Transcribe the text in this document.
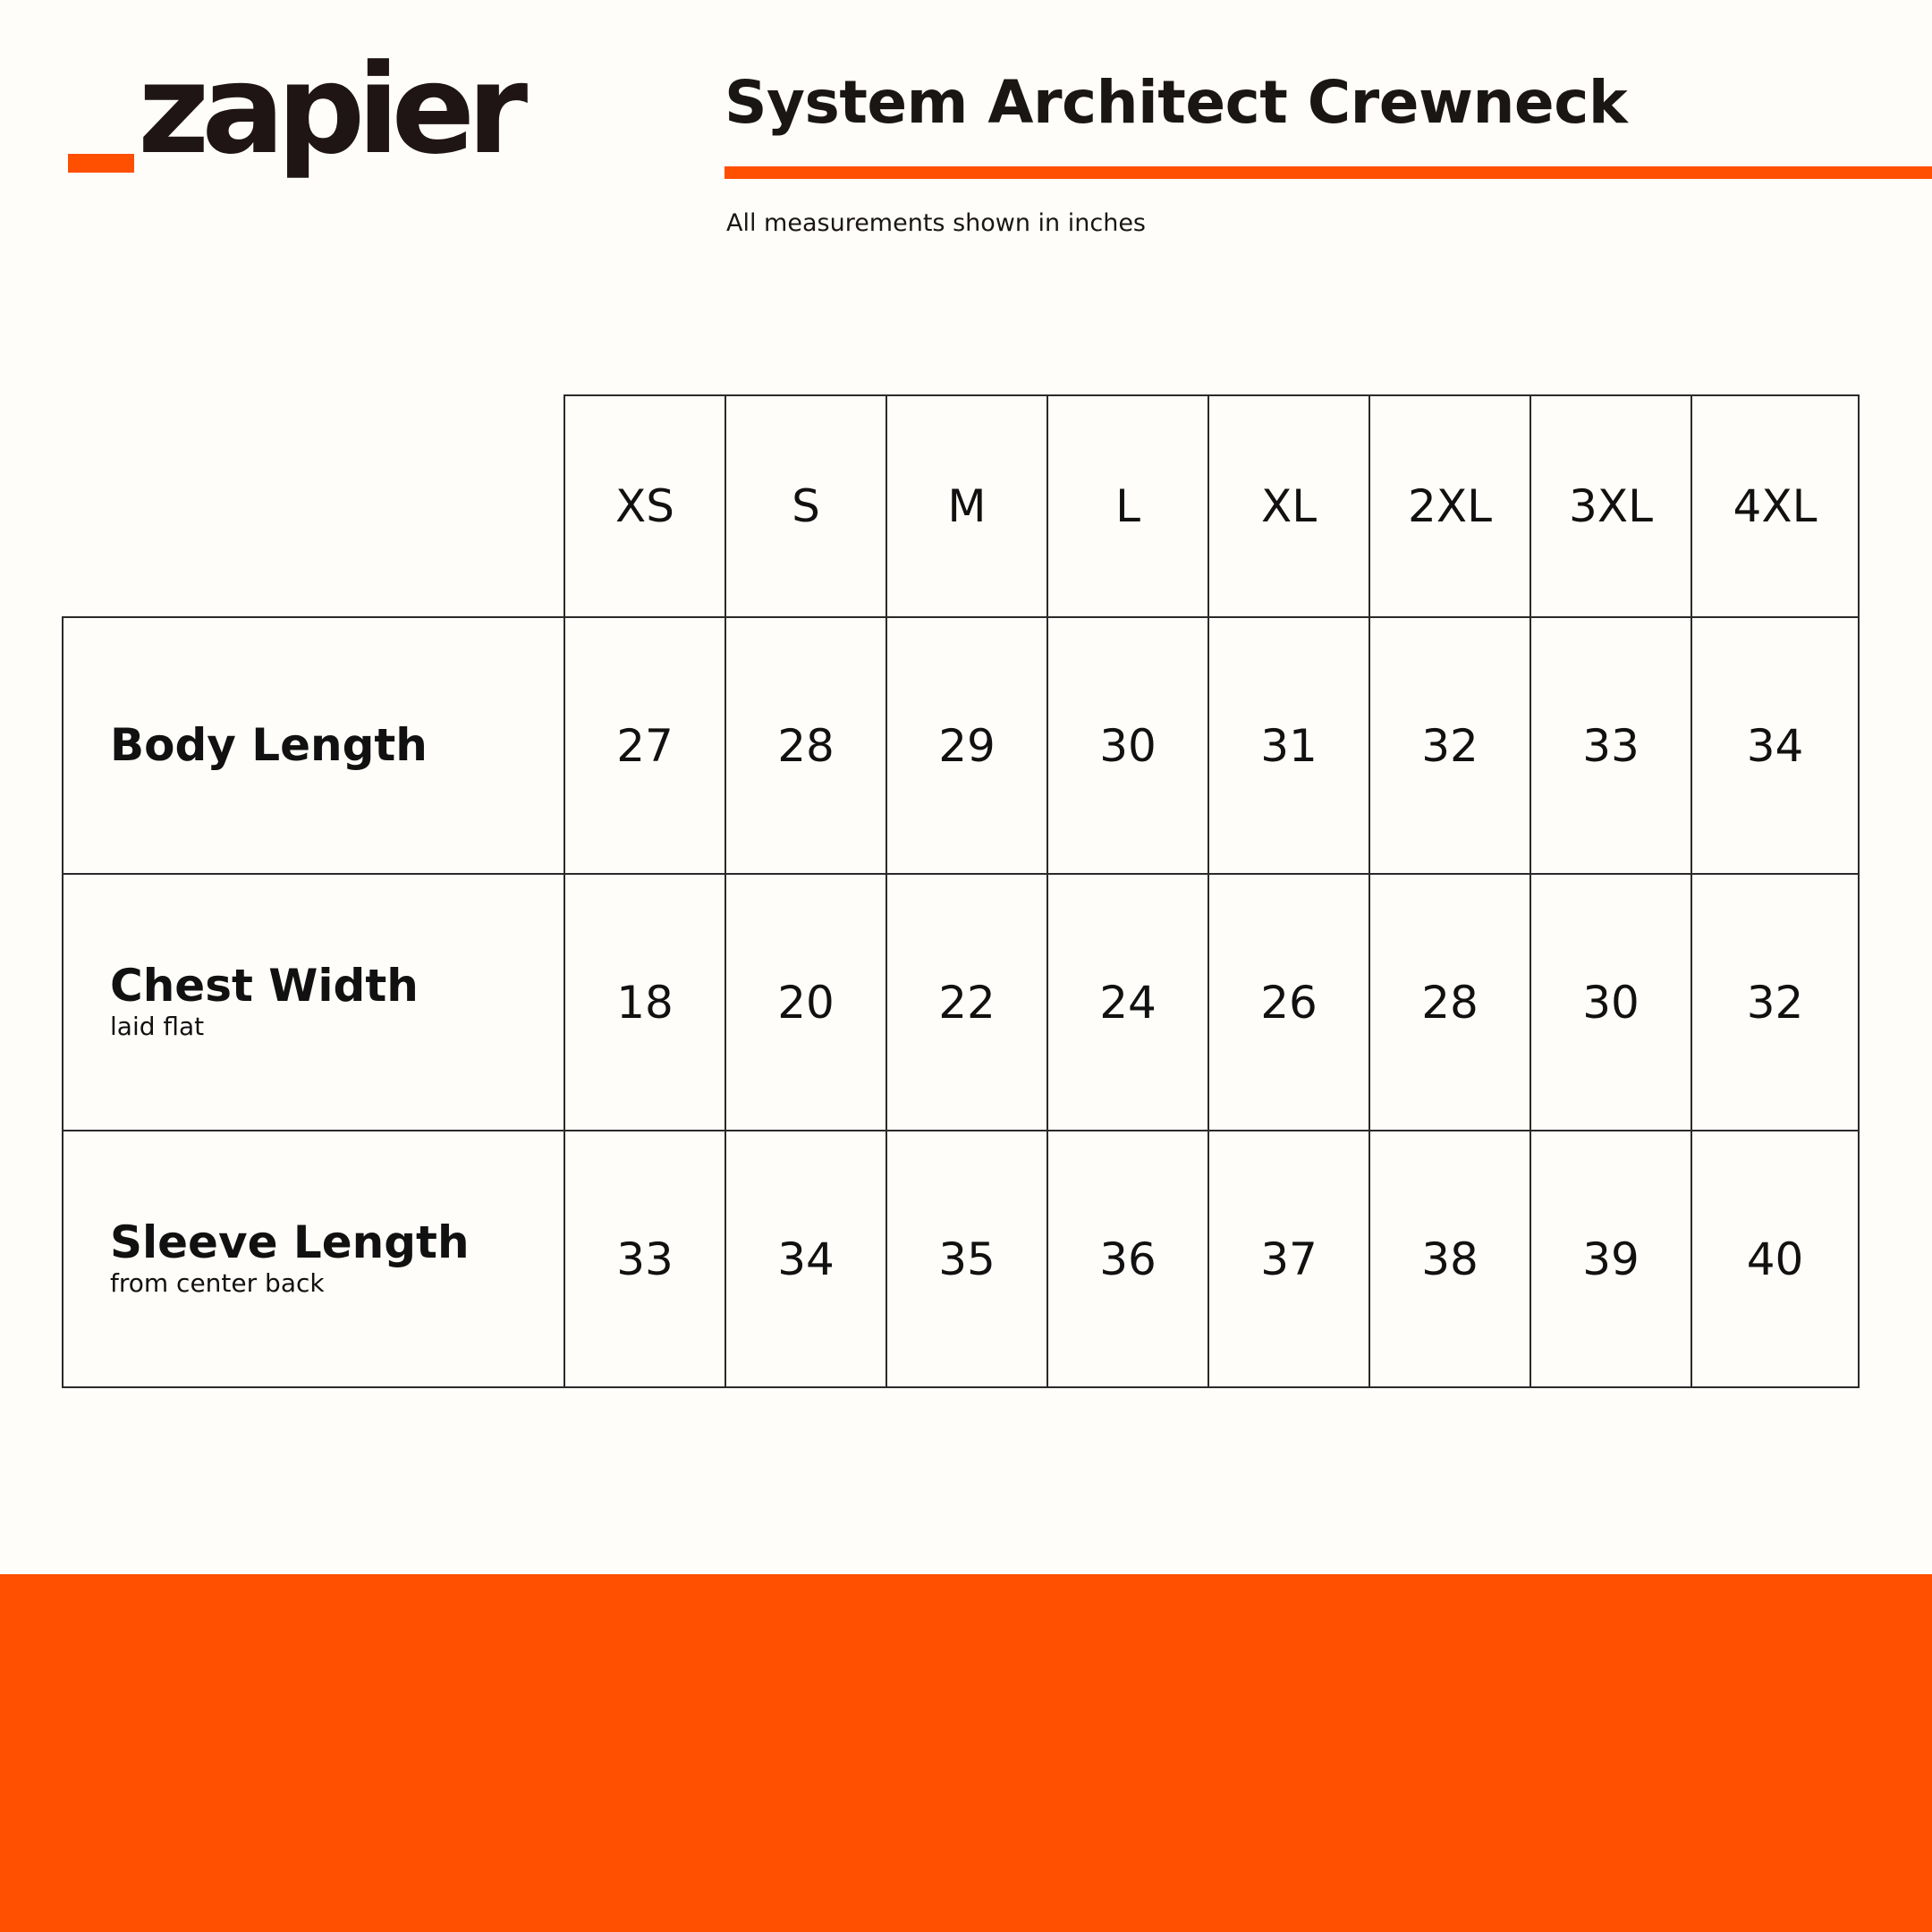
zapier	System Architect Crewneck
All measurements shown in inches
	XS	S	M	L	XL	2XL	3XL	4XL

Body Length	27	28	29	30	31	32	33	34

Chest Width
laid flat	18	20	22	24	26	28	30	32

Sleeve Length
from center back	33	34	35	36	37	38	39	40
